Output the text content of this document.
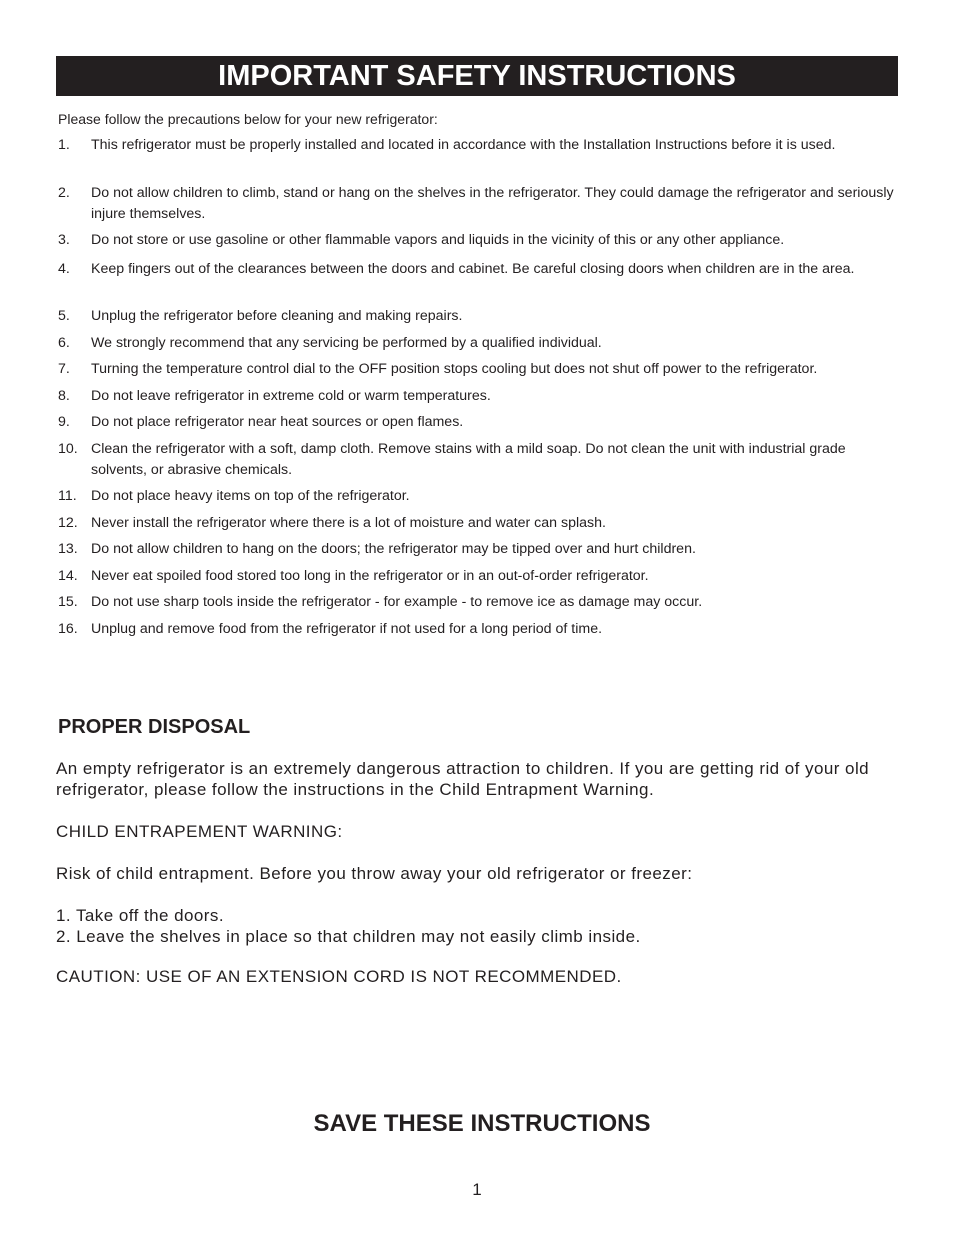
IMPORTANT SAFETY INSTRUCTIONS
Please follow the precautions below for your new refrigerator:
1.	This refrigerator must be properly installed and located in accordance with the Installation Instructions before it is used.
2.	Do not allow children to climb, stand or hang on the shelves in the refrigerator. They could damage the refrigerator and seriously injure themselves.
3.	Do not store or use gasoline or other flammable vapors and liquids in the vicinity of this or any other appliance.
4.	Keep fingers out of the clearances between the doors and cabinet. Be careful closing doors when children are in the area.
5.	Unplug the refrigerator before cleaning and making repairs.
6.	We strongly recommend that any servicing be performed by a qualified individual.
7.	Turning the temperature control dial to the OFF position stops cooling but does not shut off power to the refrigerator.
8.	Do not leave refrigerator in extreme cold or warm temperatures.
9.	Do not place refrigerator near heat sources or open flames.
10. Clean the refrigerator with a soft, damp cloth. Remove stains with a mild soap. Do not clean the unit with industrial grade solvents, or abrasive chemicals.
11.	Do not place heavy items on top of the refrigerator.
12. Never install the refrigerator where there is a lot of moisture and water can splash.
13. Do not allow children to hang on the doors; the refrigerator may be tipped over and hurt children.
14. Never eat spoiled food stored too long in the refrigerator or in an out-of-order refrigerator.
15. Do not use sharp tools inside the refrigerator - for example - to remove ice as damage may occur.
16. Unplug and remove food from the refrigerator if not used for a long period of time.
PROPER DISPOSAL
An empty refrigerator is an extremely dangerous attraction to children. If you are getting rid of your old refrigerator, please follow the instructions in the Child Entrapment Warning.
CHILD ENTRAPEMENT WARNING:
Risk of child entrapment. Before you throw away your old refrigerator or freezer:
1. Take off the doors.
2. Leave the shelves in place so that children may not easily climb inside.
CAUTION: USE OF AN EXTENSION CORD IS NOT RECOMMENDED.
SAVE THESE INSTRUCTIONS
1
